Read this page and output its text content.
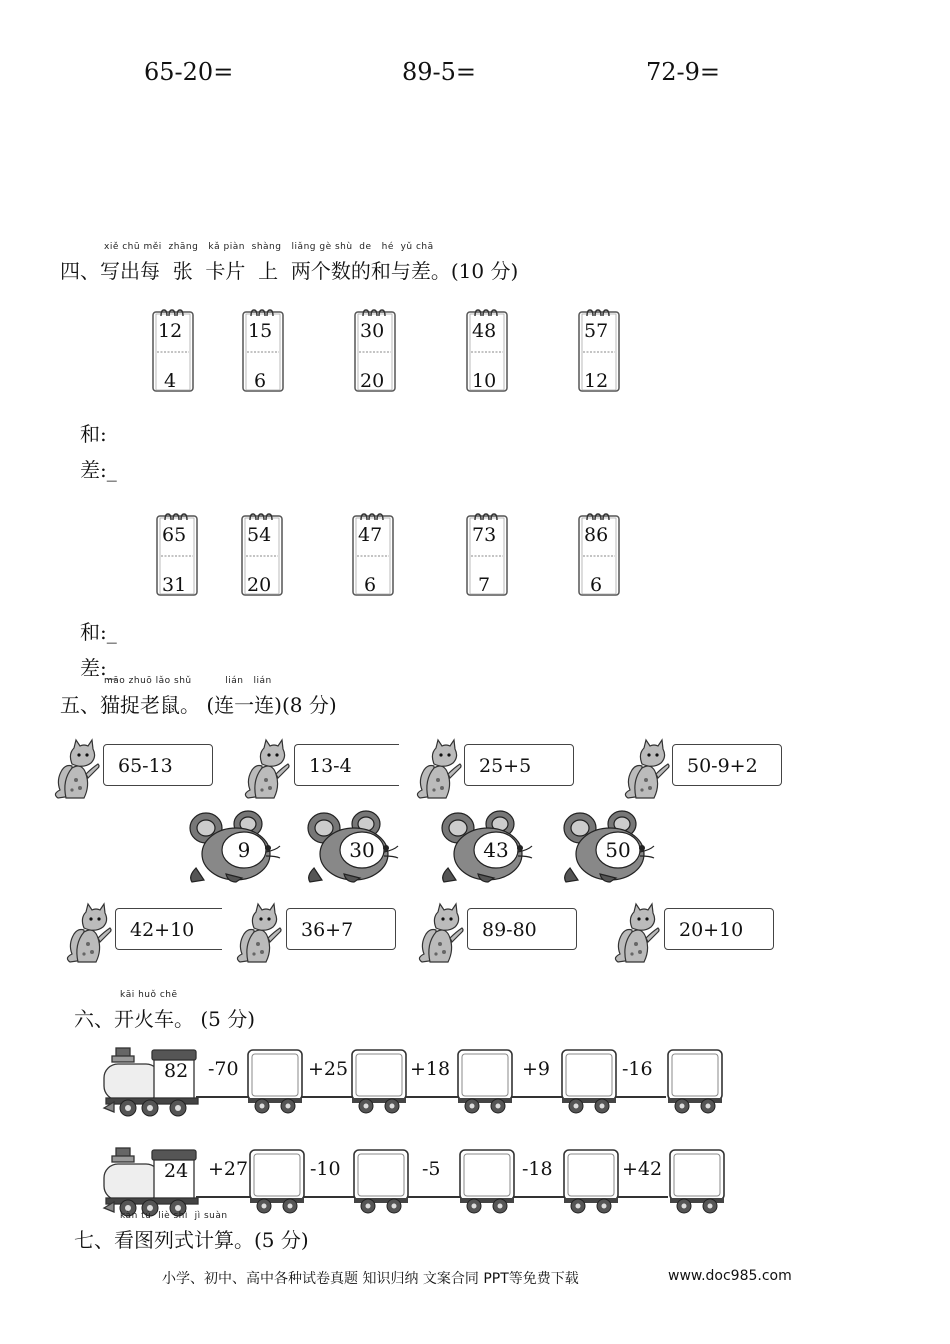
65-20=	89-5=	72-9=
xiě chū měi  zhāng   kǎ piàn  shàng   liǎng gè shù  de   hé  yǔ chā
四、写出每  张  卡片  上  两个数的和与差。(10 分)
12
4
15
6
30
20
48
10
57
12
和:
差:_
65
31
54
20
47
6
73
7
86
6
和:_
差:_
māo zhuō lǎo shǔ          lián   lián
五、猫捉老鼠。 (连一连)(8 分)
65-13	13-4	25+5	50-9+2
9	30	43	50
42+10	36+7	89-80	20+10
kāi huǒ chē
六、开火车。 (5 分)
82 -70	+25	+18	+9	-16
24 +27	-10	-5	-18	+42
kàn tú  liè shì  jì suàn
七、看图列式计算。(5 分)
小学、初中、高中各种试卷真题 知识归纳 文案合同 PPT等免费下载	www.doc985.com
